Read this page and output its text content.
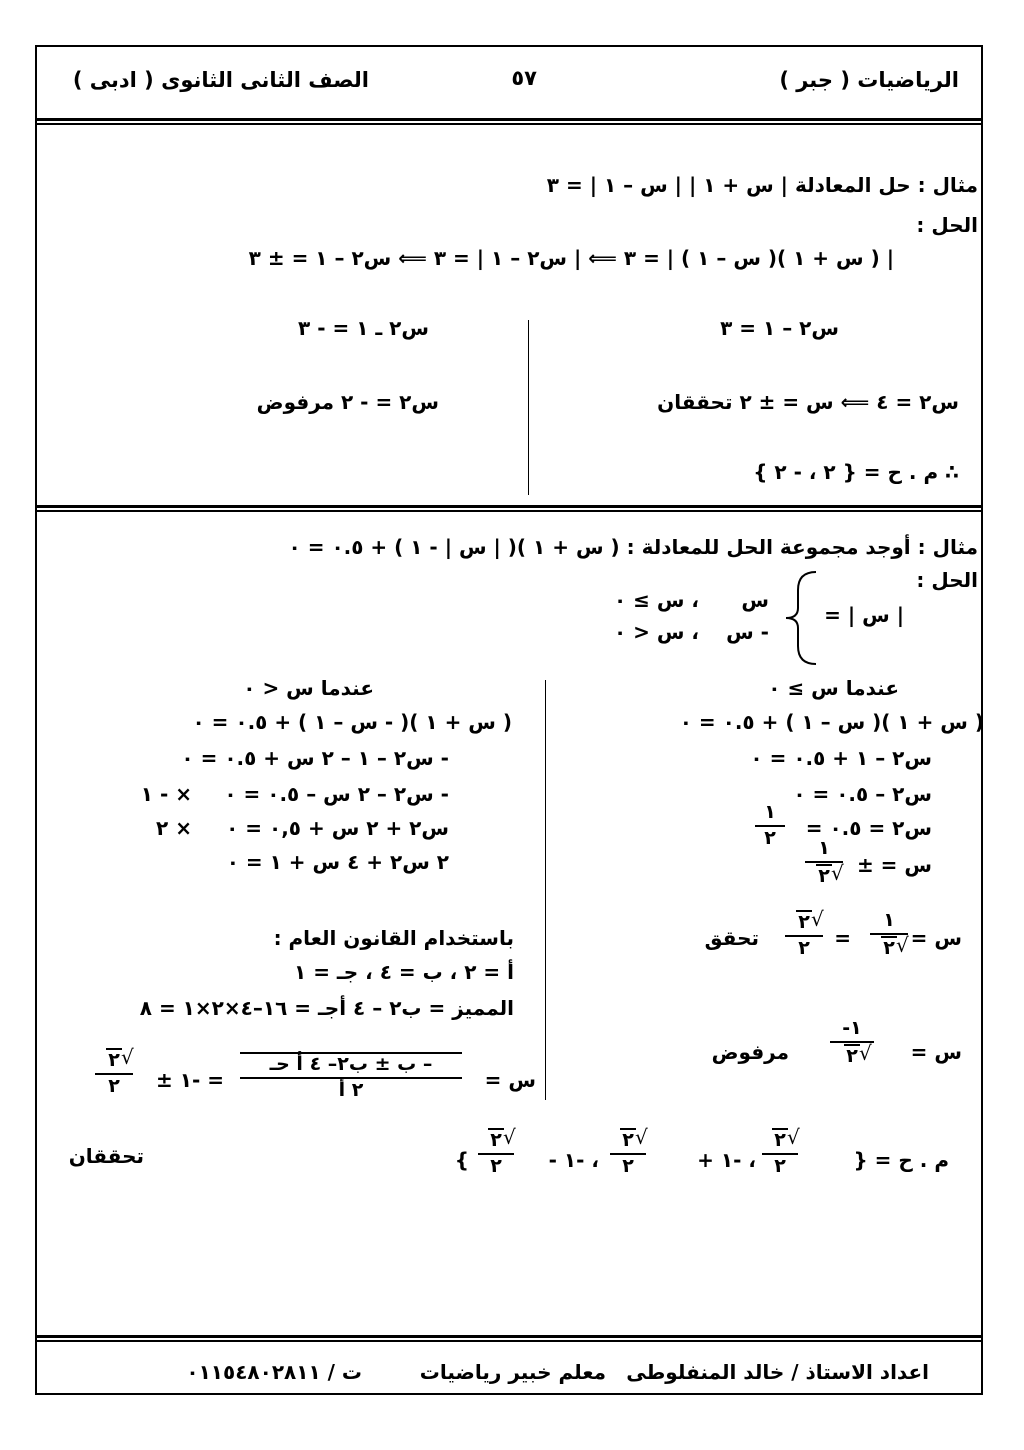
الرياضيات ( جبر )
٥٧
الصف الثانى الثانوى ( ادبى )
مثال : حل المعادلة | س + ١ | | س – ١ | = ٣
الحل :
| ( س + ١ )( س – ١ ) | = ٣ ⟸ | س٢ – ١ | = ٣ ⟸ س٢ – ١ = ± ٣
س٢ – ١ = ٣
س٢ = ٤ ⟸ س = ± ٢ تحققان
∴ م . ح = { ٢ ، - ٢ }
س٢ ـ ١ = - ٣
س٢ = - ٢ مرفوض
مثال : أوجد مجموعة الحل للمعادلة : ( س + ١ )( | س | - ١ ) + ٠.٥ = ٠
الحل :
| س | =
س
، س ≥ ٠
- س
، س < ٠
عندما س ≥ ٠
( س + ١ )( س – ١ ) + ٠.٥ = ٠
س٢ – ١ + ٠.٥ = ٠
س٢ – ٠.٥ = ٠
س٢ = ٠.٥ =
١
٢
س = ±
١
√ ٢
س =
١
√ ٢
=
√ ٢
٢
تحقق
س =
١-
√ ٢
مرفوض
عندما س < ٠
( س + ١ )( - س – ١ ) + ٠.٥ = ٠
- س٢ – ١ – ٢ س + ٠.٥ = ٠
- س٢ – ٢ س – ٠.٥ = ٠
× - ١
س٢ + ٢ س + ٠,٥ = ٠
× ٢
٢ س٢ + ٤ س + ١ = ٠
باستخدام القانون العام :
أ = ٢ ، ب = ٤ ، جـ = ١
المميز = ب٢ – ٤ أجـ = ١٦–٤×٢×١ = ٨
س =
– ب ± ب٢– ٤ أ حـ
٢ أ
= -١ ±
√ ٢
٢
تحققان	م . ح = {
√ ٢
٢
، -١ +
√ ٢
٢
، -١ -
√ ٢
٢
}
اعداد الاستاذ / خالد المنفلوطى
معلم خبير رياضيات
ت / ٠١١٥٤٨٠٢٨١١
